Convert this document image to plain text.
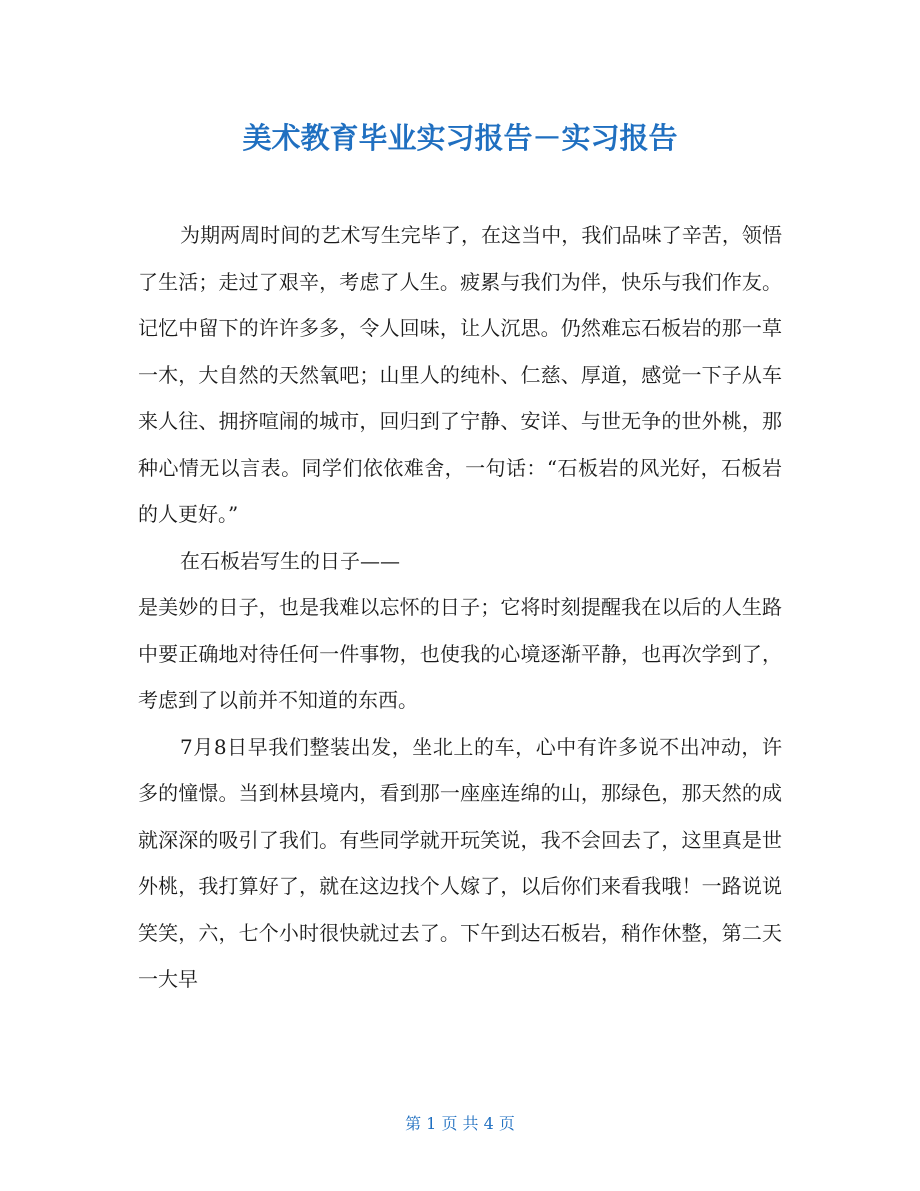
美术教育毕业实习报告－实习报告

为期两周时间的艺术写生完毕了，在这当中，我们品味了辛苦，领悟了生活；走过了艰辛，考虑了人生。疲累与我们为伴，快乐与我们作友。记忆中留下的许许多多，令人回味，让人沉思。仍然难忘石板岩的那一草一木，大自然的天然氧吧；山里人的纯朴、仁慈、厚道，感觉一下子从车来人往、拥挤喧闹的城市，回归到了宁静、安详、与世无争的世外桃，那种心情无以言表。同学们依依难舍，一句话：“石板岩的风光好，石板岩的人更好。”

在石板岩写生的日子——

是美妙的日子，也是我难以忘怀的日子；它将时刻提醒我在以后的人生路中要正确地对待任何一件事物，也使我的心境逐渐平静，也再次学到了，考虑到了以前并不知道的东西。

7月8日早我们整装出发，坐北上的车，心中有许多说不出冲动，许多的憧憬。当到林县境内，看到那一座座连绵的山，那绿色，那天然的成就深深的吸引了我们。有些同学就开玩笑说，我不会回去了，这里真是世外桃，我打算好了，就在这边找个人嫁了，以后你们来看我哦！一路说说笑笑，六，七个小时很快就过去了。下午到达石板岩，稍作休整，第二天一大早

第 1 页 共 4 页
